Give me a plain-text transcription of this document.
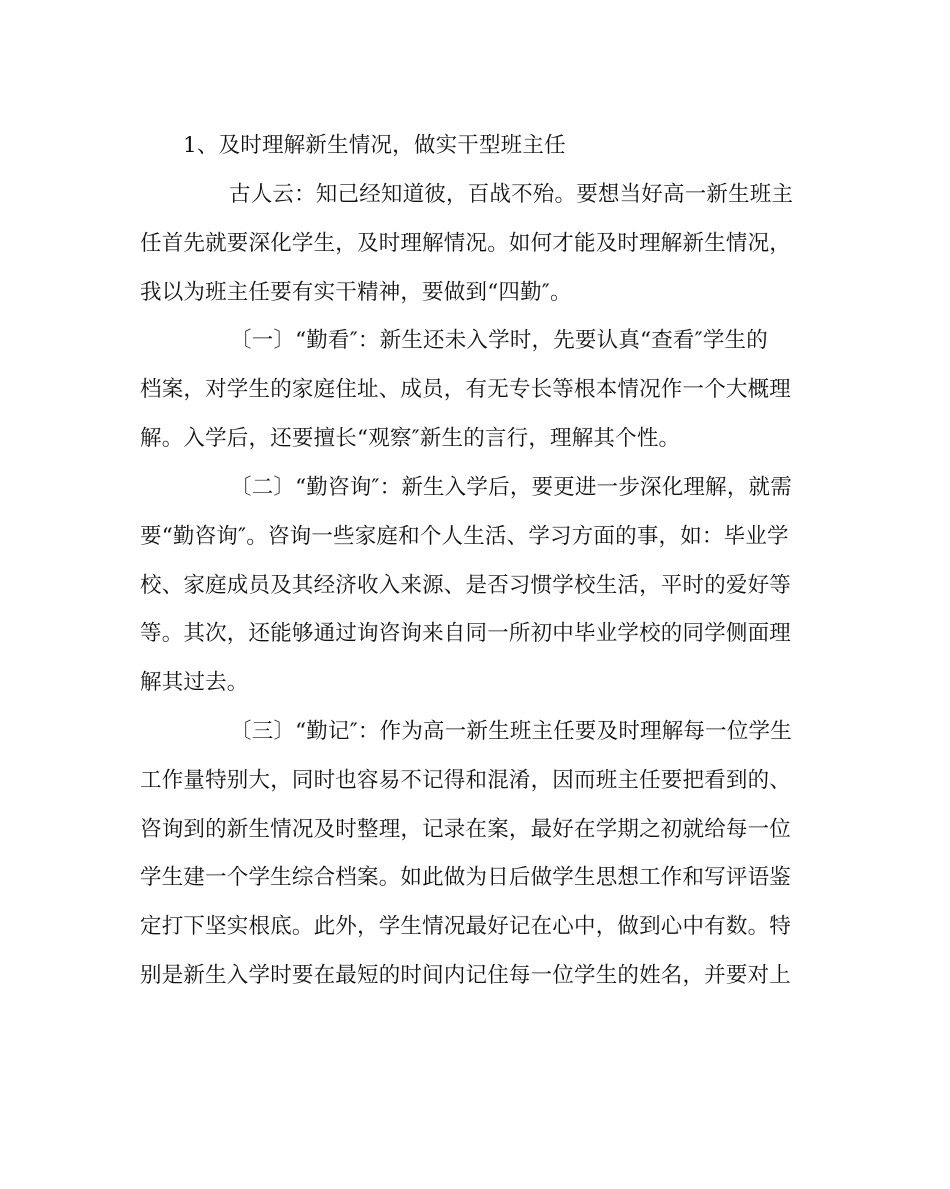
1、及时理解新生情况，做实干型班主任
古人云：知己经知道彼，百战不殆。要想当好高一新生班主
任首先就要深化学生，及时理解情况。如何才能及时理解新生情况，
我以为班主任要有实干精神，要做到“四勤″。
〔一〕“勤看″：新生还未入学时，先要认真“查看″学生的
档案，对学生的家庭住址、成员，有无专长等根本情况作一个大概理
解。入学后，还要擅长“观察″新生的言行，理解其个性。
〔二〕“勤咨询″：新生入学后，要更进一步深化理解，就需
要“勤咨询″。咨询一些家庭和个人生活、学习方面的事，如：毕业学
校、家庭成员及其经济收入来源、是否习惯学校生活，平时的爱好等
等。其次，还能够通过询咨询来自同一所初中毕业学校的同学侧面理
解其过去。
〔三〕“勤记″：作为高一新生班主任要及时理解每一位学生
工作量特别大，同时也容易不记得和混淆，因而班主任要把看到的、
咨询到的新生情况及时整理，记录在案，最好在学期之初就给每一位
学生建一个学生综合档案。如此做为日后做学生思想工作和写评语鉴
定打下坚实根底。此外，学生情况最好记在心中，做到心中有数。特
别是新生入学时要在最短的时间内记住每一位学生的姓名，并要对上
